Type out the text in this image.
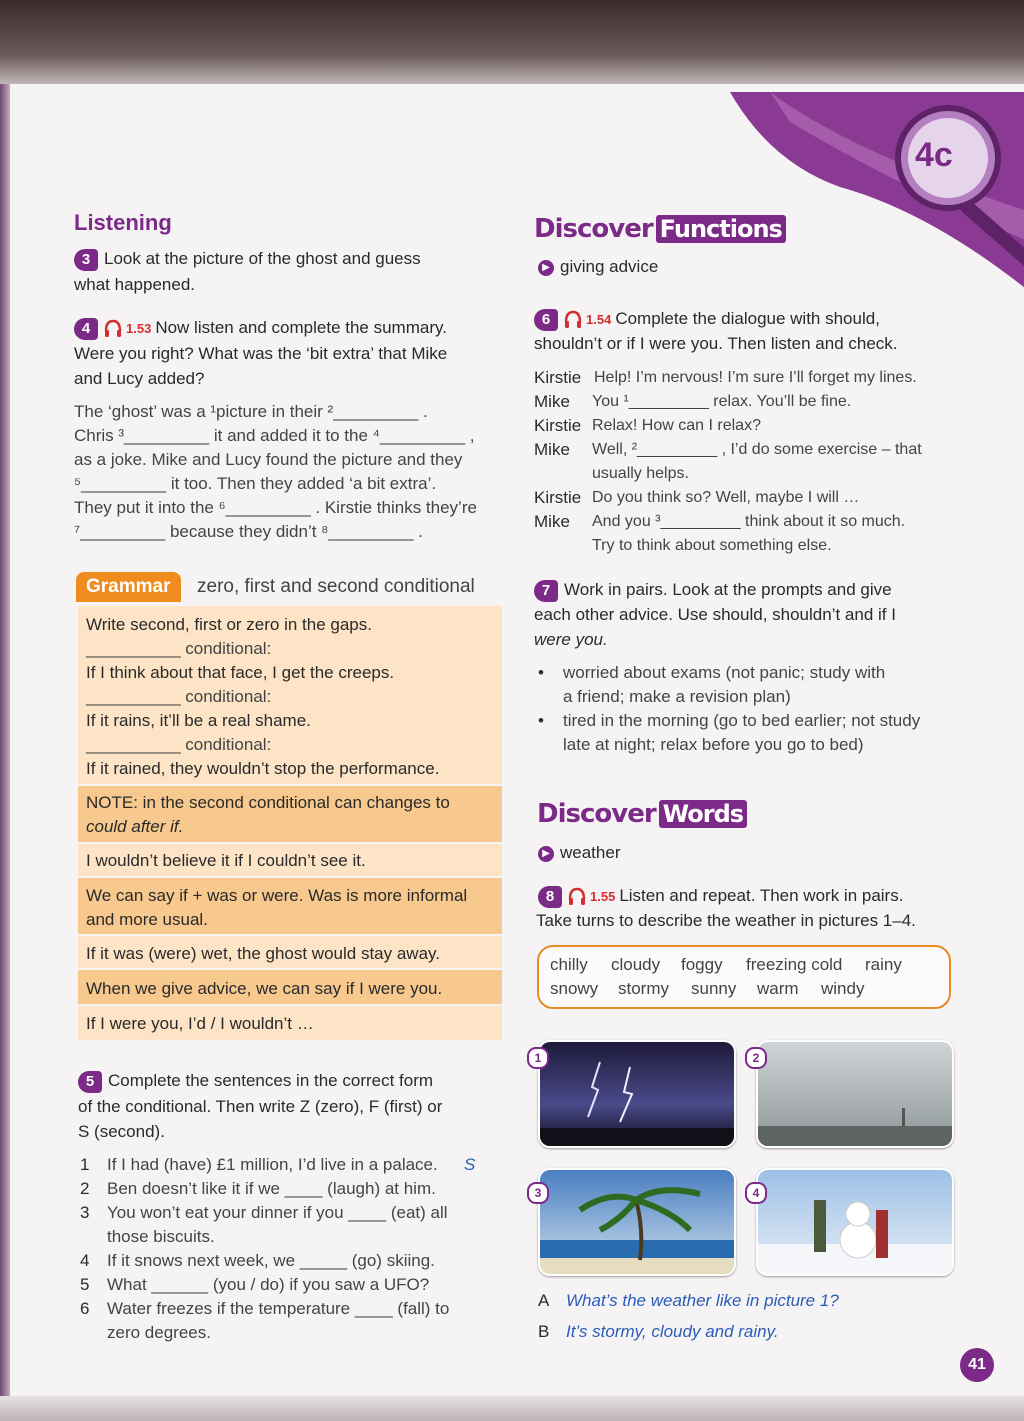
4c
Listening
3 Look at the picture of the ghost and guess
what happened.
4	1.53 Now listen and complete the summary.
Were you right? What was the ‘bit extra’ that Mike
and Lucy added?
The ‘ghost’ was a ¹picture in their ²_________ .
Chris ³_________ it and added it to the ⁴_________ ,
as a joke. Mike and Lucy found the picture and they
⁵_________ it too. Then they added ‘a bit extra’.
They put it into the ⁶_________ . Kirstie thinks they’re
⁷_________ because they didn’t ⁸_________ .
Grammar	zero, first and second conditional
Write second, first or zero in the gaps.
__________ conditional:
If I think about that face, I get the creeps.
__________ conditional:
If it rains, it’ll be a real shame.
__________ conditional:
If it rained, they wouldn’t stop the performance.
NOTE: in the second conditional can changes to
could after if.
I wouldn’t believe it if I couldn’t see it.
We can say if + was or were. Was is more informal
and more usual.
If it was (were) wet, the ghost would stay away.
When we give advice, we can say if I were you.
If I were you, I’d / I wouldn’t …
5 Complete the sentences in the correct form
of the conditional. Then write Z (zero), F (first) or
S (second).
1 If I had (have) £1 million, I’d live in a palace. S
2 Ben doesn’t like it if we ____ (laugh) at him.
3 You won’t eat your dinner if you ____ (eat) all
those biscuits.
4 If it snows next week, we _____ (go) skiing.
5 What ______ (you / do) if you saw a UFO?
6 Water freezes if the temperature ____ (fall) to
zero degrees.
Discover Functions
▶ giving advice
6	1.54 Complete the dialogue with should,
shouldn’t or if I were you. Then listen and check.
Kirstie Help! I’m nervous! I’m sure I’ll forget my lines.
Mike You ¹_________ relax. You’ll be fine.
Kirstie Relax! How can I relax?
Mike Well, ²_________ , I’d do some exercise – that
usually helps.
Kirstie Do you think so? Well, maybe I will …
Mike And you ³_________ think about it so much.
Try to think about something else.
7 Work in pairs. Look at the prompts and give
each other advice. Use should, shouldn’t and if I
were you.
• worried about exams (not panic; study with
a friend; make a revision plan)
• tired in the morning (go to bed earlier; not study
late at night; relax before you go to bed)
Discover Words
▶ weather
8	1.55 Listen and repeat. Then work in pairs.
Take turns to describe the weather in pictures 1–4.
chilly cloudy foggy freezing cold rainy
snowy stormy sunny warm windy
1	2
3	4
A What’s the weather like in picture 1?
B It’s stormy, cloudy and rainy.
41
